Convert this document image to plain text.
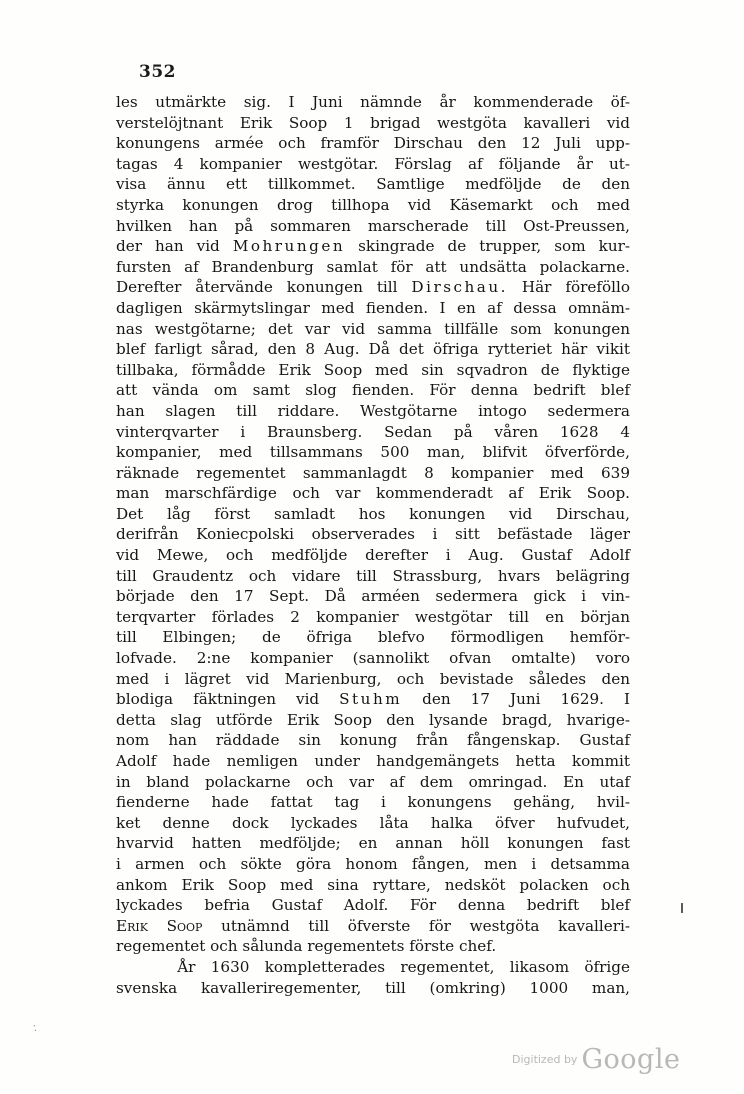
352
les utmärkte sig. I Juni nämnde år kommenderade öf-
verstelöjtnant Erik Soop 1 brigad westgöta kavalleri vid
konungens armée och framför Dirschau den 12 Juli upp-
tagas 4 kompanier westgötar. Förslag af följande år ut-
visa ännu ett tillkommet. Samtlige medföljde de den
styrka konungen drog tillhopa vid Käsemarkt och med
hvilken han på sommaren marscherade till Ost-Preussen,
der han vid Mohrungen skingrade de trupper, som kur-
fursten af Brandenburg samlat för att undsätta polackarne.
Derefter återvände konungen till Dirschau. Här föreföllo
dagligen skärmytslingar med fienden. I en af dessa omnäm-
nas westgötarne; det var vid samma tillfälle som konungen
blef farligt sårad, den 8 Aug. Då det öfriga rytteriet här vikit
tillbaka, förmådde Erik Soop med sin sqvadron de flyktige
att vända om samt slog fienden. För denna bedrift blef
han slagen till riddare. Westgötarne intogo sedermera
vinterqvarter i Braunsberg. Sedan på våren 1628 4
kompanier, med tillsammans 500 man, blifvit öfverförde,
räknade regementet sammanlagdt 8 kompanier med 639
man marschfärdige och var kommenderadt af Erik Soop.
Det låg först samladt hos konungen vid Dirschau,
derifrån Koniecpolski observerades i sitt befästade läger
vid Mewe, och medföljde derefter i Aug. Gustaf Adolf
till Graudentz och vidare till Strassburg, hvars belägring
började den 17 Sept. Då arméen sedermera gick i vin-
terqvarter förlades 2 kompanier westgötar till en början
till Elbingen; de öfriga blefvo förmodligen hemför-
lofvade. 2:ne kompanier (sannolikt ofvan omtalte) voro
med i lägret vid Marienburg, och bevistade således den
blodiga fäktningen vid Stuhm den 17 Juni 1629. I
detta slag utförde Erik Soop den lysande bragd, hvarige-
nom han räddade sin konung från fångenskap. Gustaf
Adolf hade nemligen under handgemängets hetta kommit
in bland polackarne och var af dem omringad. En utaf
fienderne hade fattat tag i konungens gehäng, hvil-
ket denne dock lyckades låta halka öfver hufvudet,
hvarvid hatten medföljde; en annan höll konungen fast
i armen och sökte göra honom fången, men i detsamma
ankom Erik Soop med sina ryttare, nedsköt polacken och
lyckades befria Gustaf Adolf. För denna bedrift blef
Erik Soop utnämnd till öfverste för westgöta kavalleri-
regementet och sålunda regementets förste chef.
År 1630 kompletterades regementet, likasom öfrige
svenska kavalleriregementer, till (omkring) 1000 man,
·.
Digitized by Google
